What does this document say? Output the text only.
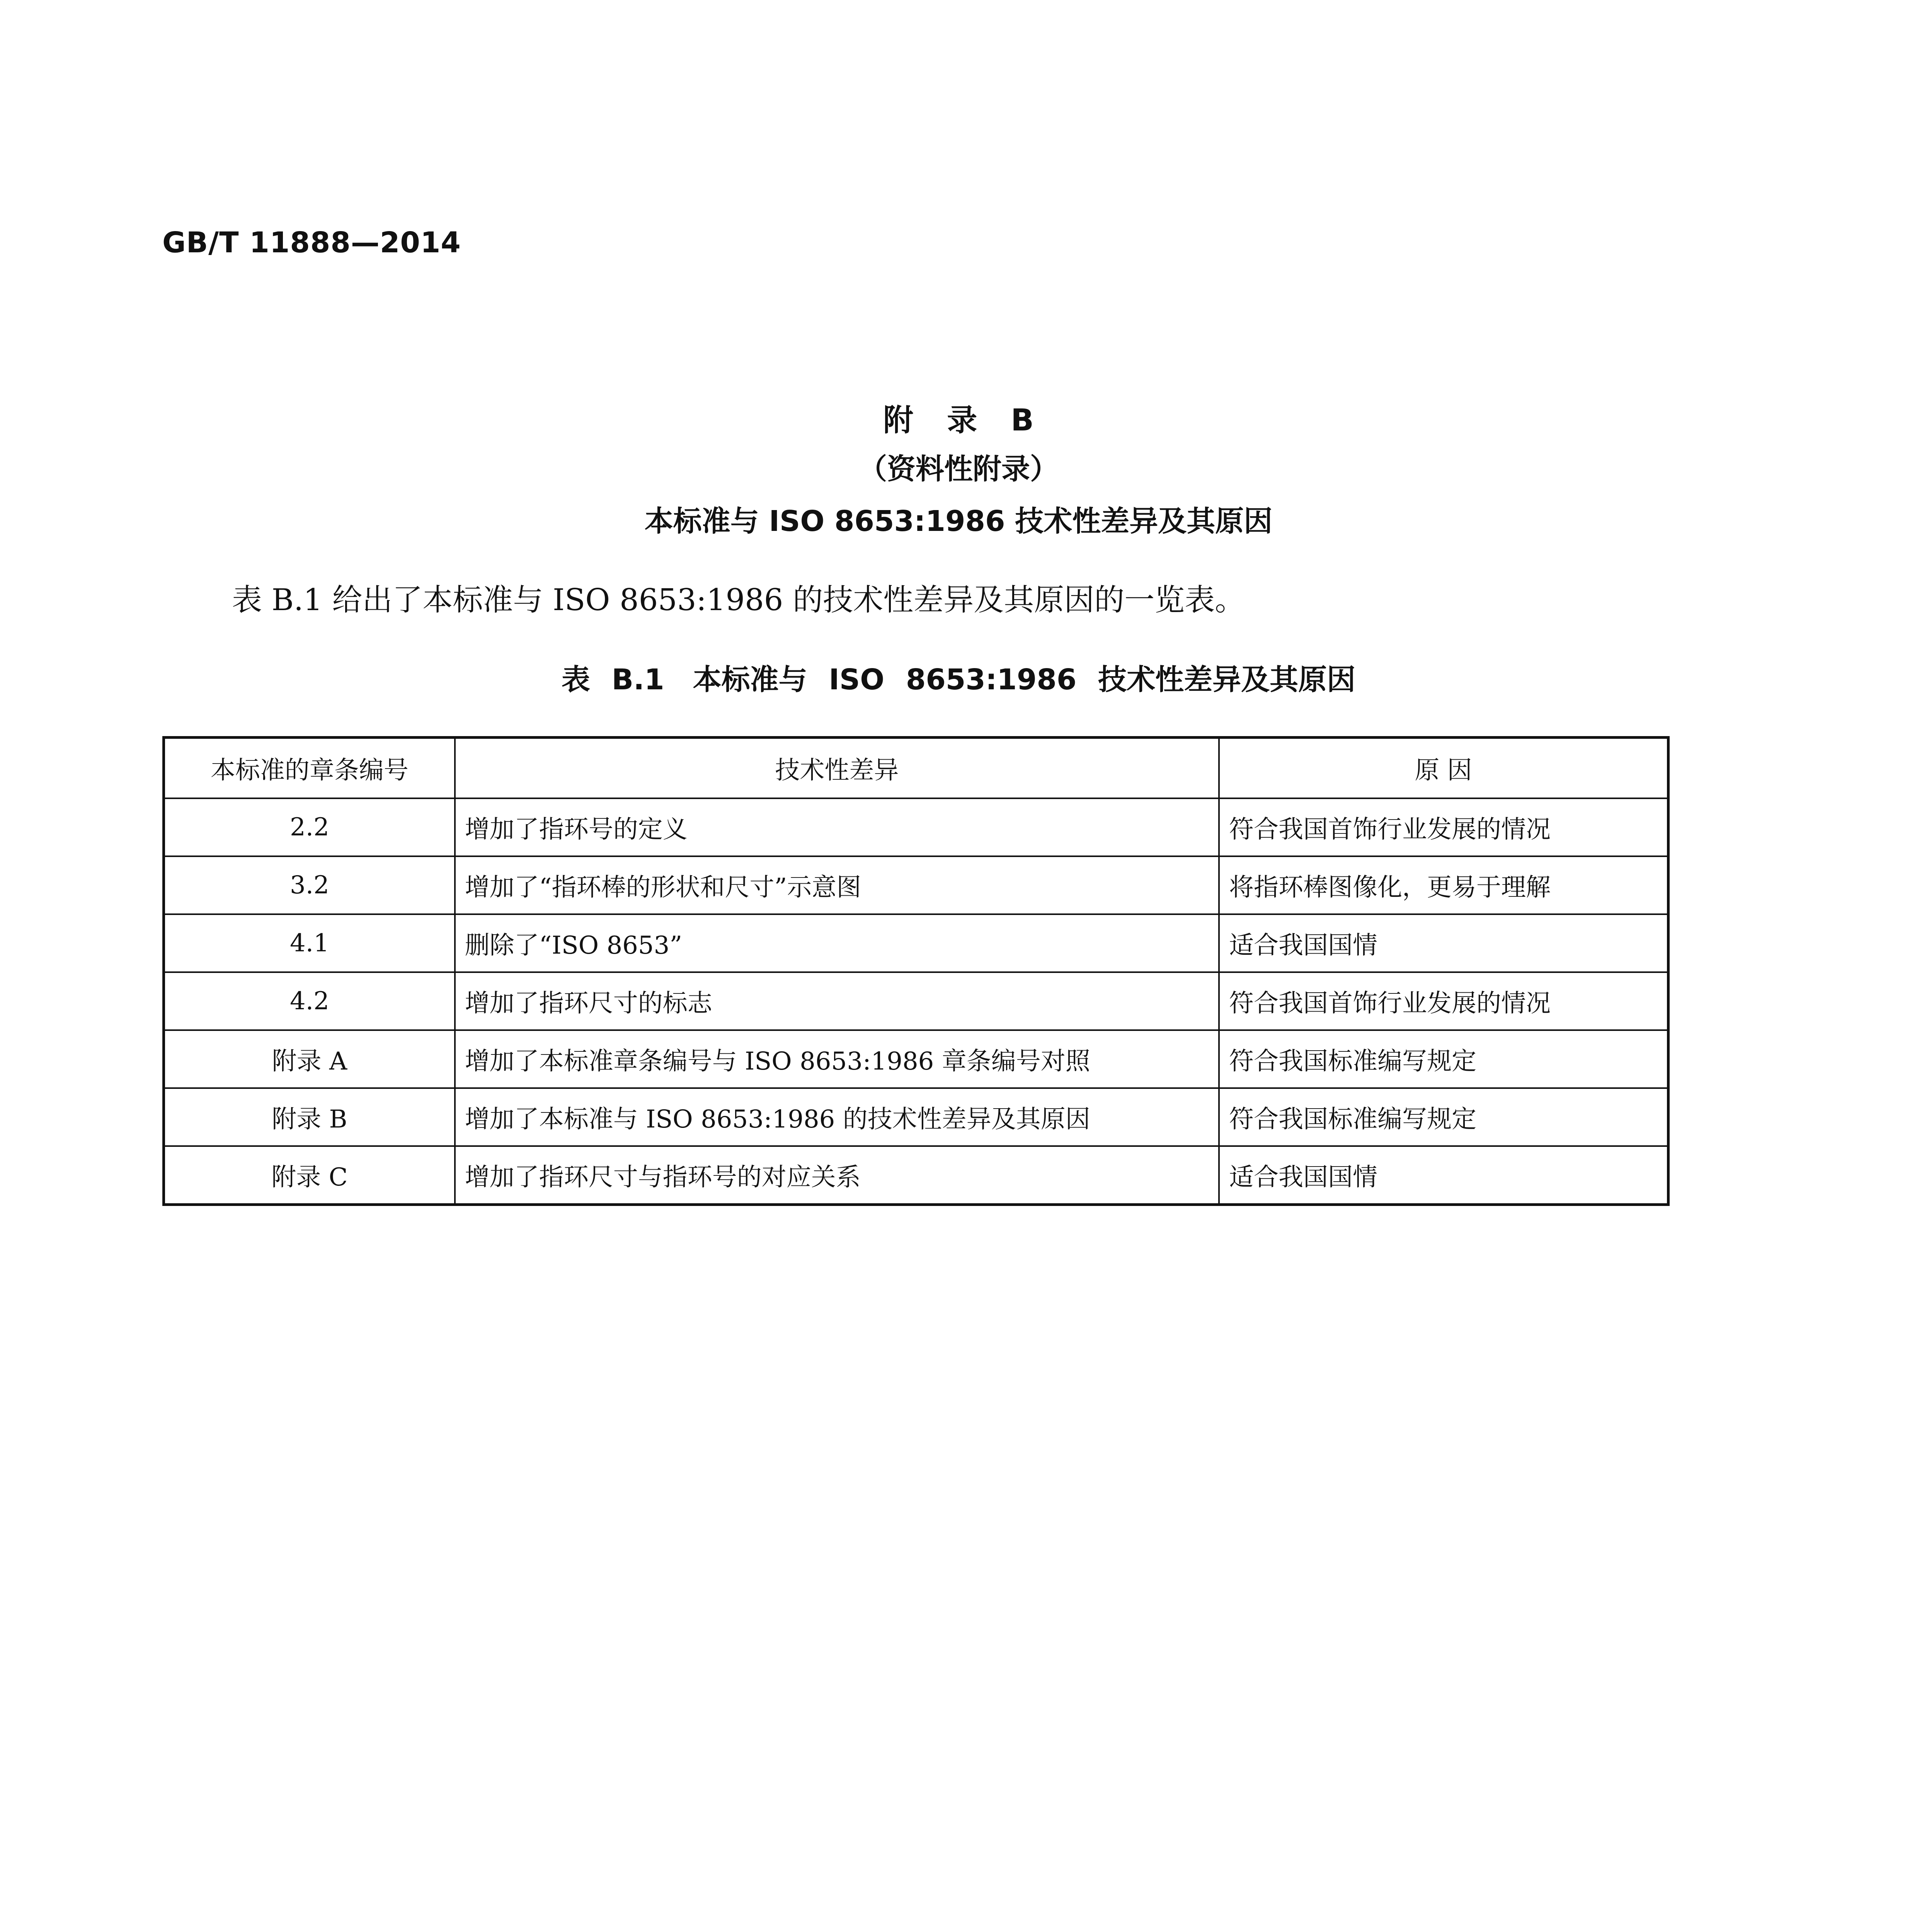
GB/T 11888—2014
附 录 B
（资料性附录）
本标准与 ISO 8653:1986 技术性差异及其原因
表 B.1 给出了本标准与 ISO 8653:1986 的技术性差异及其原因的一览表。
表 B.1　本标准与 ISO 8653:1986 技术性差异及其原因
本标准的章条编号	技术性差异	原 因
2.2	增加了指环号的定义	符合我国首饰行业发展的情况
3.2	增加了“指环棒的形状和尺寸”示意图	将指环棒图像化，更易于理解
4.1	删除了“ISO 8653”	适合我国国情
4.2	增加了指环尺寸的标志	符合我国首饰行业发展的情况
附录 A	增加了本标准章条编号与 ISO 8653:1986 章条编号对照	符合我国标准编写规定
附录 B	增加了本标准与 ISO 8653:1986 的技术性差异及其原因	符合我国标准编写规定
附录 C	增加了指环尺寸与指环号的对应关系	适合我国国情
